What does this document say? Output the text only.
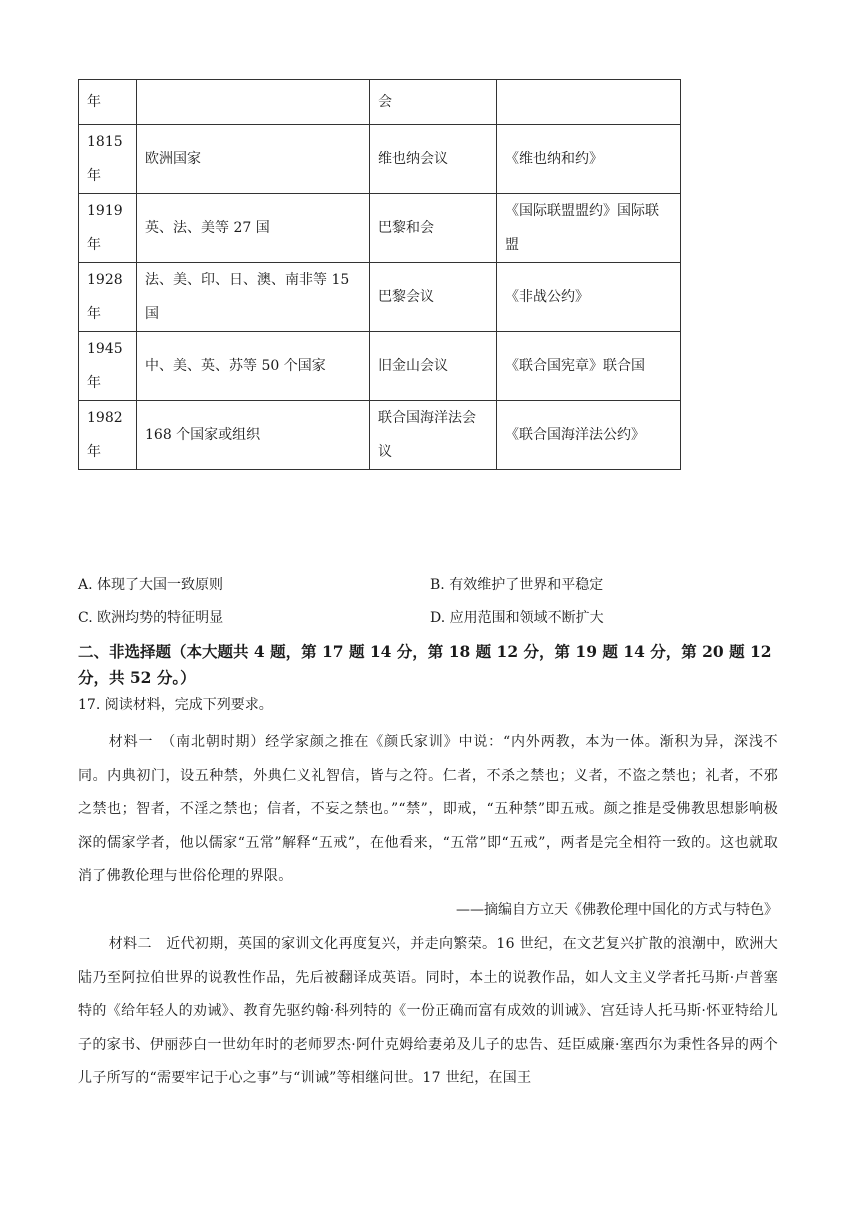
年		会	
1815 年	欧洲国家	维也纳会议	《维也纳和约》
1919 年	英、法、美等 27 国	巴黎和会	《国际联盟盟约》国际联盟
1928 年	法、美、印、日、澳、南非等 15 国	巴黎会议	《非战公约》
1945 年	中、美、英、苏等 50 个国家	旧金山会议	《联合国宪章》联合国
1982 年	168 个国家或组织	联合国海洋法会议	《联合国海洋法公约》
A. 体现了大国一致原则	B. 有效维护了世界和平稳定
C. 欧洲均势的特征明显	D. 应用范围和领域不断扩大
二、非选择题（本大题共 4 题，第 17 题 14 分，第 18 题 12 分，第 19 题 14 分，第 20 题 12 分，共 52 分。）
17. 阅读材料，完成下列要求。
材料一　（南北朝时期）经学家颜之推在《颜氏家训》中说：“内外两教，本为一体。渐积为异，深浅不同。内典初门，设五种禁，外典仁义礼智信，皆与之符。仁者，不杀之禁也；义者，不盗之禁也；礼者，不邪之禁也；智者，不淫之禁也；信者，不妄之禁也。”“禁”，即戒，“五种禁”即五戒。颜之推是受佛教思想影响极深的儒家学者，他以儒家“五常”解释“五戒”，在他看来，“五常”即“五戒”，两者是完全相符一致的。这也就取消了佛教伦理与世俗伦理的界限。
——摘编自方立天《佛教伦理中国化的方式与特色》
材料二　近代初期，英国的家训文化再度复兴，并走向繁荣。16 世纪，在文艺复兴扩散的浪潮中，欧洲大陆乃至阿拉伯世界的说教性作品，先后被翻译成英语。同时，本土的说教作品，如人文主义学者托马斯·卢普塞特的《给年轻人的劝诫》、教育先驱约翰·科列特的《一份正确而富有成效的训诫》、宫廷诗人托马斯·怀亚特给儿子的家书、伊丽莎白一世幼年时的老师罗杰·阿什克姆给妻弟及儿子的忠告、廷臣威廉·塞西尔为秉性各异的两个儿子所写的“需要牢记于心之事”与“训诫”等相继问世。17 世纪，在国王
